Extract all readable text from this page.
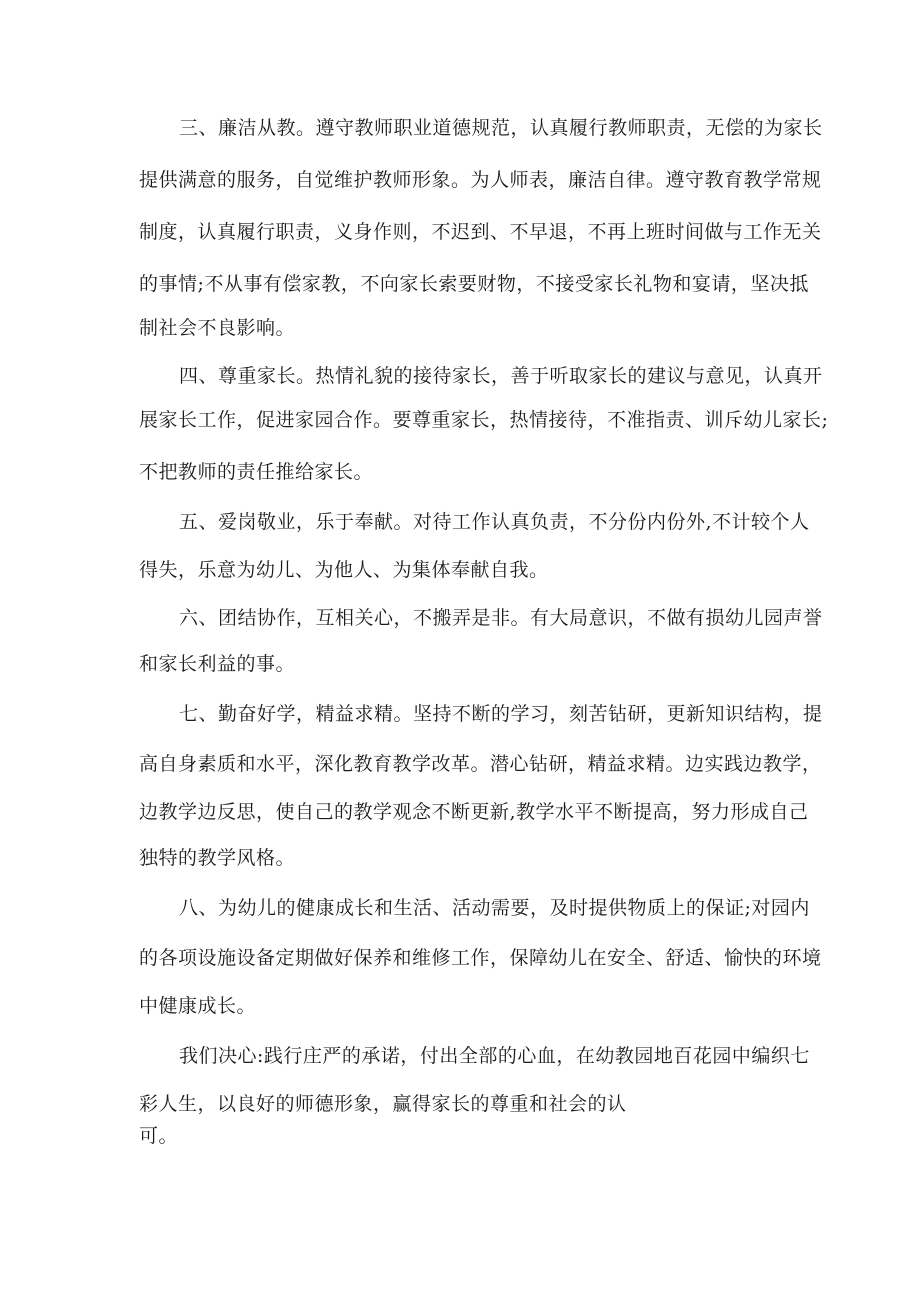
三、廉洁从教。遵守教师职业道德规范，认真履行教师职责，无偿的为家长
提供满意的服务，自觉维护教师形象。为人师表，廉洁自律。遵守教育教学常规
制度，认真履行职责，义身作则，不迟到、不早退，不再上班时间做与工作无关
的事情;不从事有偿家教，不向家长索要财物，不接受家长礼物和宴请，坚决抵
制社会不良影响。
四、尊重家长。热情礼貌的接待家长，善于听取家长的建议与意见，认真开
展家长工作，促进家园合作。要尊重家长，热情接待，不准指责、训斥幼儿家长;
不把教师的责任推给家长。
五、爱岗敬业，乐于奉献。对待工作认真负责，不分份内份外,不计较个人
得失，乐意为幼儿、为他人、为集体奉献自我。
六、团结协作，互相关心，不搬弄是非。有大局意识，不做有损幼儿园声誉
和家长利益的事。
七、勤奋好学，精益求精。坚持不断的学习，刻苦钻研，更新知识结构，提
高自身素质和水平，深化教育教学改革。潜心钻研，精益求精。边实践边教学，
边教学边反思，使自己的教学观念不断更新,教学水平不断提高，努力形成自己
独特的教学风格。
八、为幼儿的健康成长和生活、活动需要，及时提供物质上的保证;对园内
的各项设施设备定期做好保养和维修工作，保障幼儿在安全、舒适、愉快的环境
中健康成长。
我们决心:践行庄严的承诺，付出全部的心血，在幼教园地百花园中编织七
彩人生，以良好的师德形象，赢得家长的尊重和社会的认
可。
